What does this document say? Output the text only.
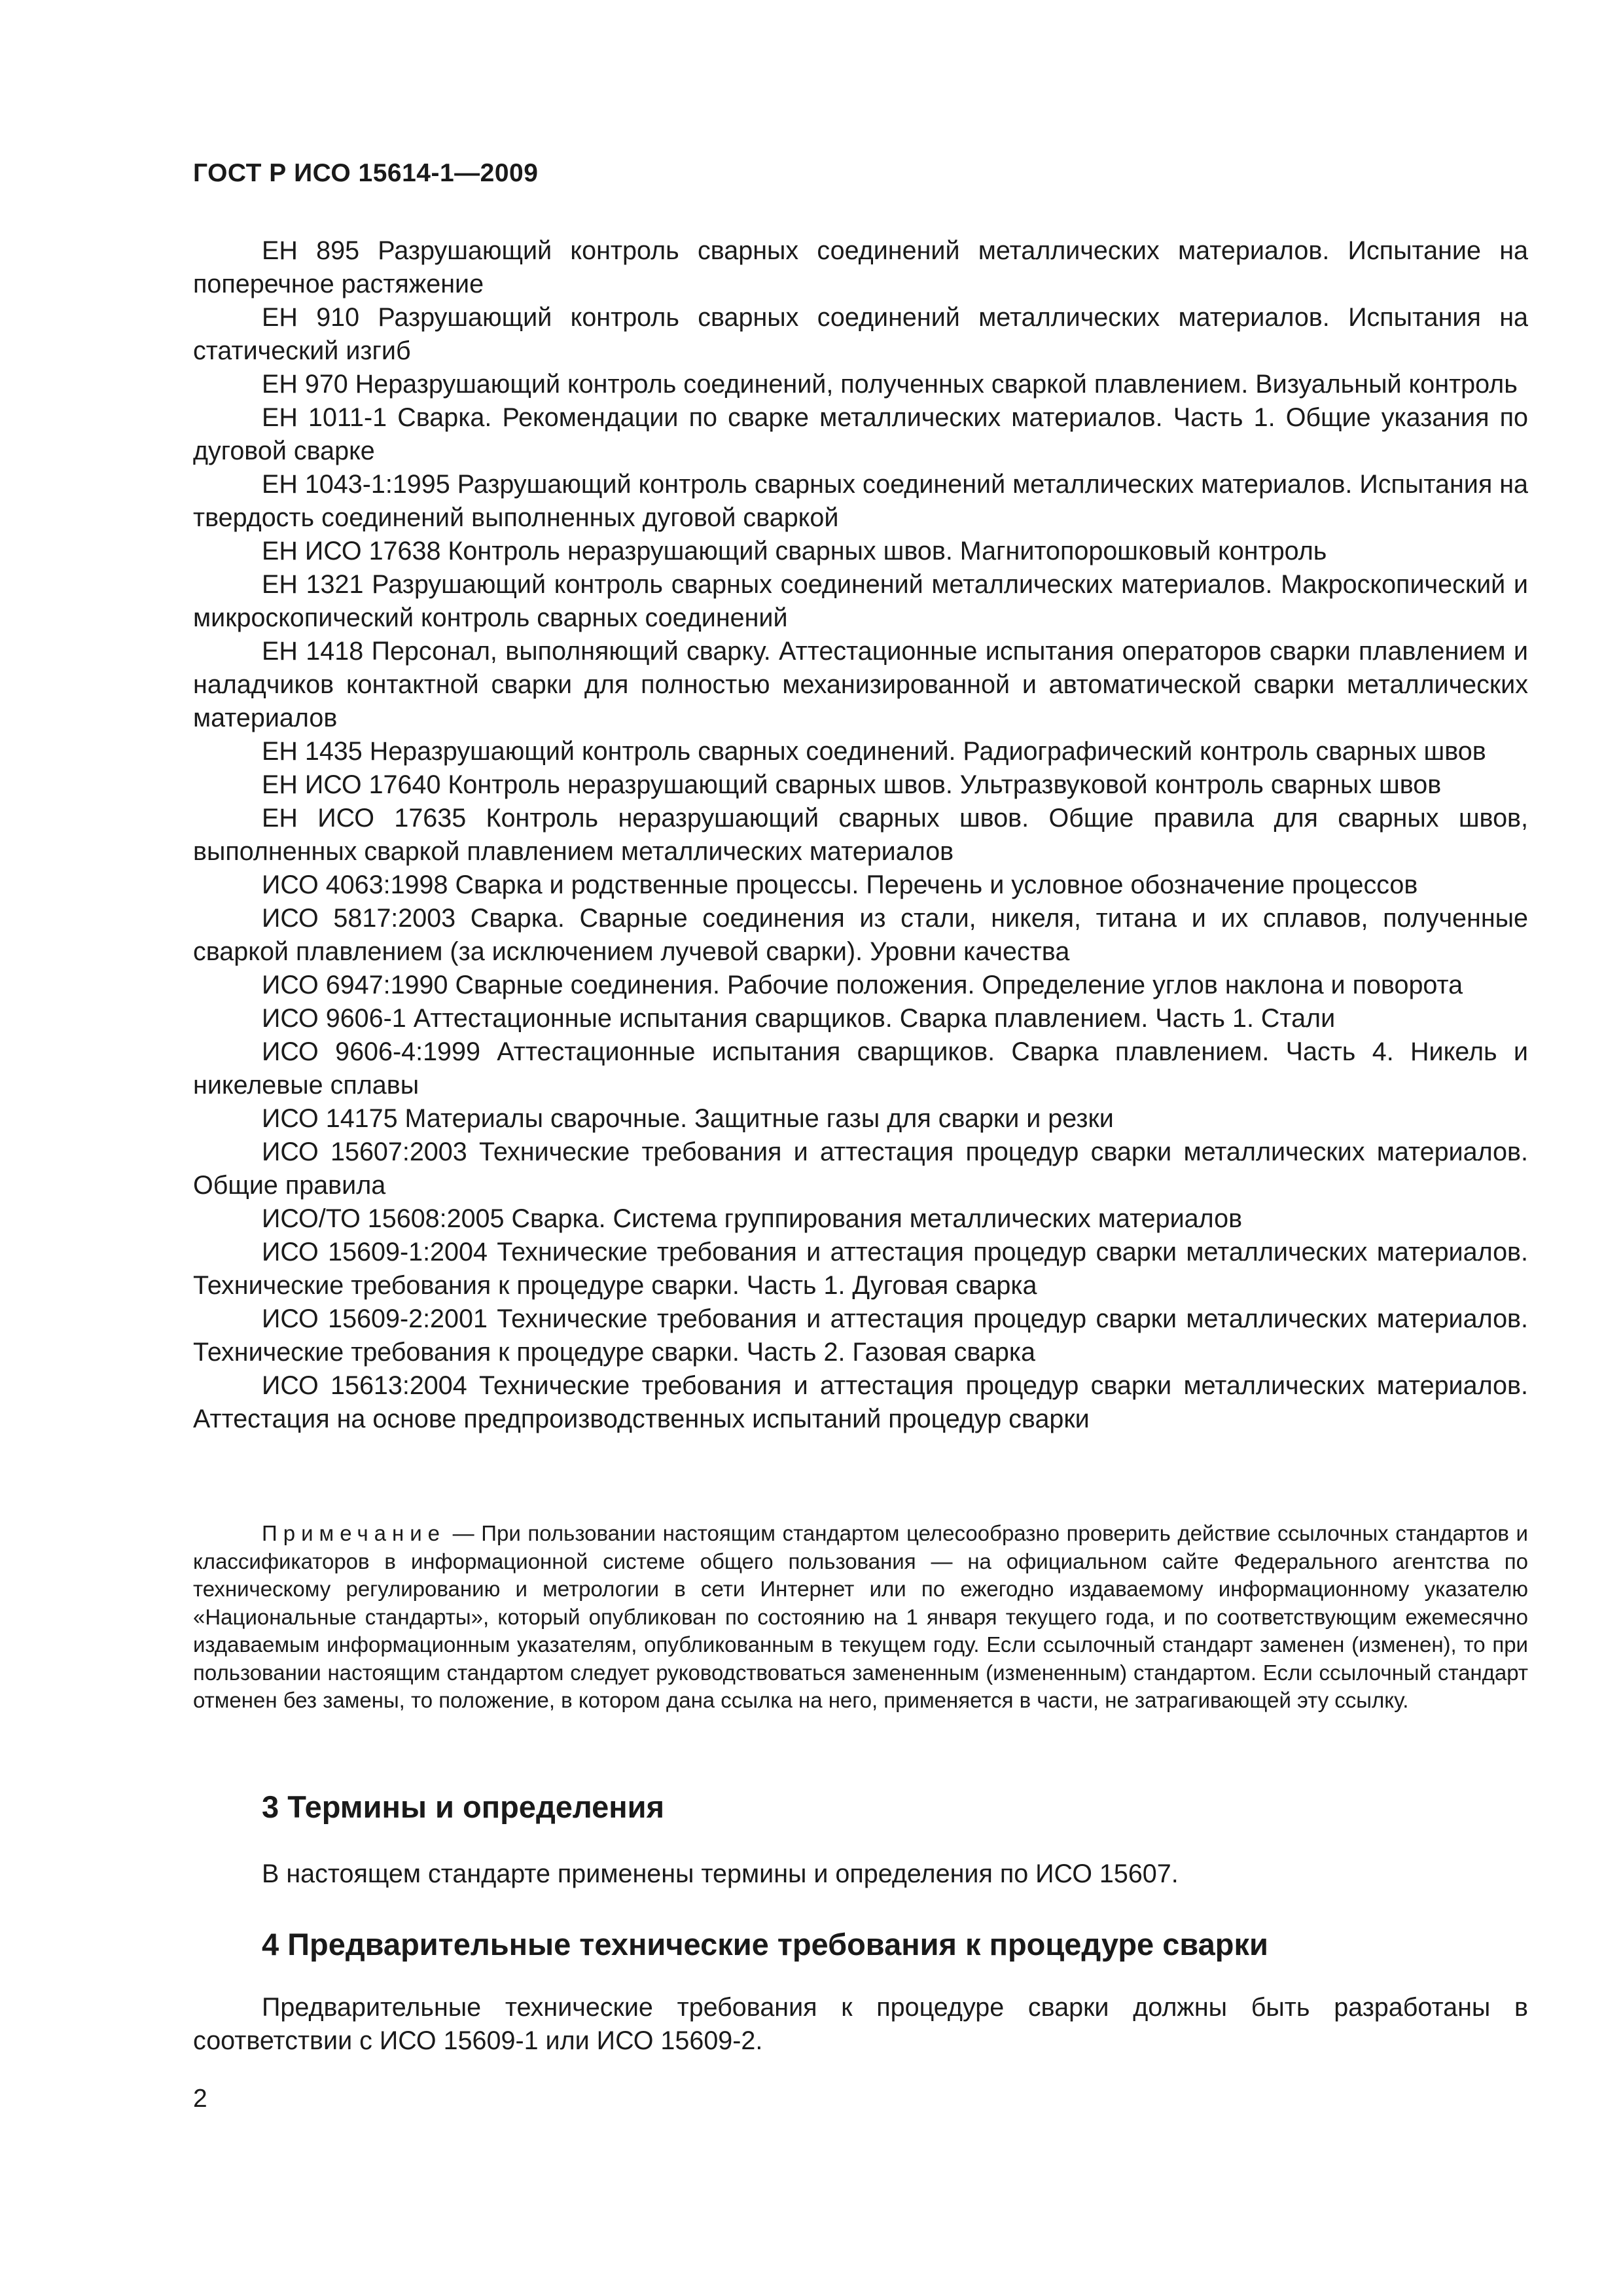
ГОСТ Р ИСО 15614-1—2009

ЕН 895 Разрушающий контроль сварных соединений металлических материалов. Испытание на поперечное растяжение

ЕН 910 Разрушающий контроль сварных соединений металлических материалов. Испытания на статический изгиб

ЕН 970 Неразрушающий контроль соединений, полученных сваркой плавлением. Визуальный контроль

ЕН 1011-1 Сварка. Рекомендации по сварке металлических материалов. Часть 1. Общие указания по дуговой сварке

ЕН 1043-1:1995 Разрушающий контроль сварных соединений металлических материалов. Испытания на твердость соединений выполненных дуговой сваркой

ЕН ИСО 17638 Контроль неразрушающий сварных швов. Магнитопорошковый контроль

ЕН 1321 Разрушающий контроль сварных соединений металлических материалов. Макроскопический и микроскопический контроль сварных соединений

ЕН 1418 Персонал, выполняющий сварку. Аттестационные испытания операторов сварки плавлением и наладчиков контактной сварки для полностью механизированной и автоматической сварки металлических материалов

ЕН 1435 Неразрушающий контроль сварных соединений. Радиографический контроль сварных швов

ЕН ИСО 17640 Контроль неразрушающий сварных швов. Ультразвуковой контроль сварных швов

ЕН ИСО 17635 Контроль неразрушающий сварных швов. Общие правила для сварных швов, выполненных сваркой плавлением металлических материалов

ИСО 4063:1998 Сварка и родственные процессы. Перечень и условное обозначение процессов

ИСО 5817:2003 Сварка. Сварные соединения из стали, никеля, титана и их сплавов, полученные сваркой плавлением (за исключением лучевой сварки). Уровни качества

ИСО 6947:1990 Сварные соединения. Рабочие положения. Определение углов наклона и поворота

ИСО 9606-1 Аттестационные испытания сварщиков. Сварка плавлением. Часть 1. Стали

ИСО 9606-4:1999 Аттестационные испытания сварщиков. Сварка плавлением. Часть 4. Никель и никелевые сплавы

ИСО 14175 Материалы сварочные. Защитные газы для сварки и резки

ИСО 15607:2003 Технические требования и аттестация процедур сварки металлических материалов. Общие правила

ИСО/ТО 15608:2005 Сварка. Система группирования металлических материалов

ИСО 15609-1:2004 Технические требования и аттестация процедур сварки металлических материалов. Технические требования к процедуре сварки. Часть 1. Дуговая сварка

ИСО 15609-2:2001 Технические требования и аттестация процедур сварки металлических материалов. Технические требования к процедуре сварки. Часть 2. Газовая сварка

ИСО 15613:2004 Технические требования и аттестация процедур сварки металлических материалов. Аттестация на основе предпроизводственных испытаний процедур сварки

Примечание — При пользовании настоящим стандартом целесообразно проверить действие ссылочных стандартов и классификаторов в информационной системе общего пользования — на официальном сайте Федерального агентства по техническому регулированию и метрологии в сети Интернет или по ежегодно издаваемому информационному указателю «Национальные стандарты», который опубликован по состоянию на 1 января текущего года, и по соответствующим ежемесячно издаваемым информационным указателям, опубликованным в текущем году. Если ссылочный стандарт заменен (изменен), то при пользовании настоящим стандартом следует руководствоваться замененным (измененным) стандартом. Если ссылочный стандарт отменен без замены, то положение, в котором дана ссылка на него, применяется в части, не затрагивающей эту ссылку.

3 Термины и определения

В настоящем стандарте применены термины и определения по ИСО 15607.

4 Предварительные технические требования к процедуре сварки

Предварительные технические требования к процедуре сварки должны быть разработаны в соответствии с ИСО 15609-1 или ИСО 15609-2.

2
